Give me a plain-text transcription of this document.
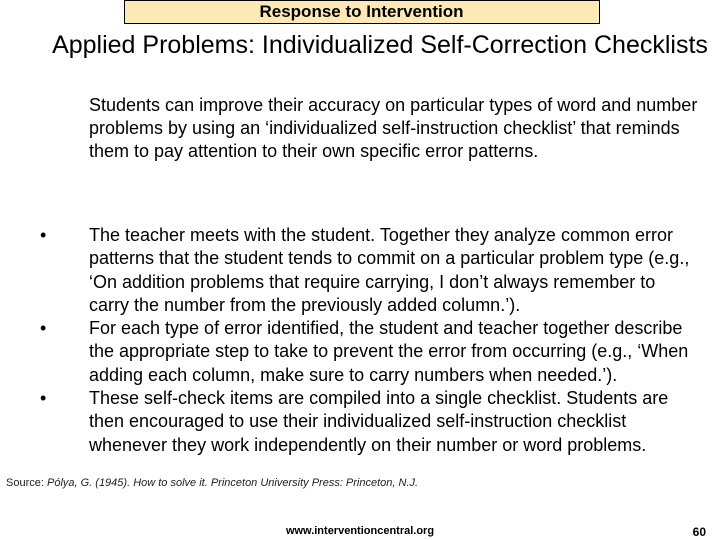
Response to Intervention
Applied Problems: Individualized Self-Correction Checklists
Students can improve their accuracy on particular types of word and number problems by using an ‘individualized self-instruction checklist’ that reminds them to pay attention to their own specific error patterns.
•	The teacher meets with the student. Together they analyze common error patterns that the student tends to commit on a particular problem type (e.g., ‘On addition problems that require carrying, I don’t always remember to carry the number from the previously added column.’).
•	For each type of error identified, the student and teacher together describe the appropriate step to take to prevent the error from occurring (e.g., ‘When adding each column, make sure to carry numbers when needed.’).
•	These self-check items are compiled into a single checklist. Students are then encouraged to use their individualized self-instruction checklist whenever they work independently on their number or word problems.
Source: Pólya, G. (1945). How to solve it. Princeton University Press: Princeton, N.J.
www.interventioncentral.org	60
